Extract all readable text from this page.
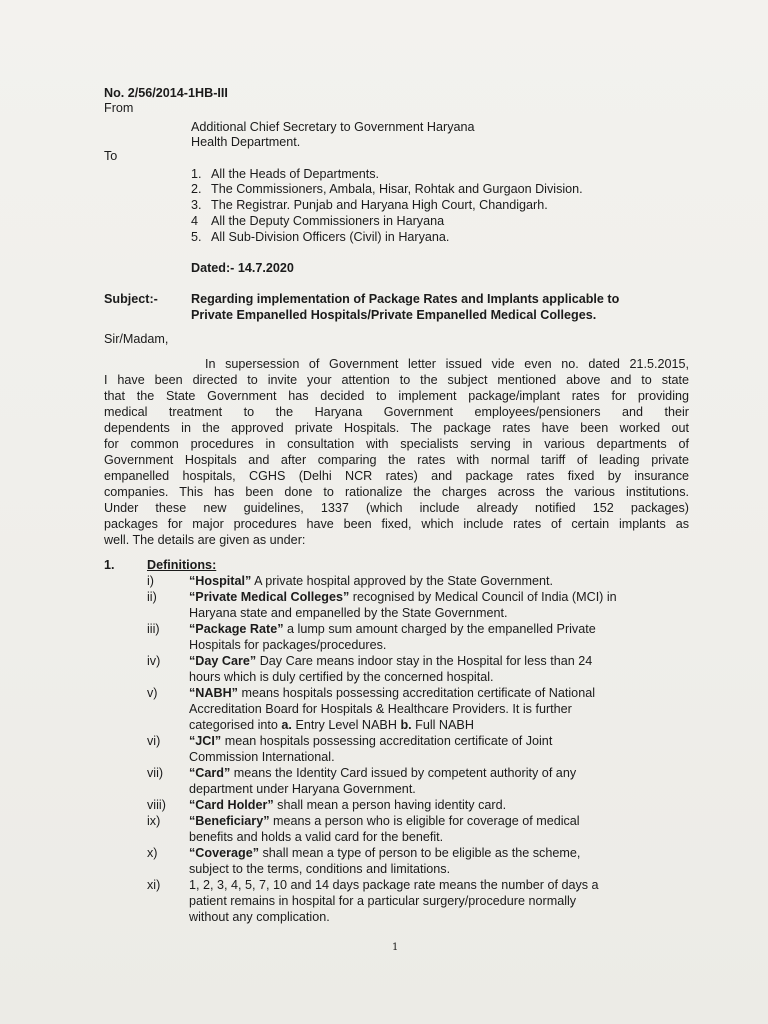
No. 2/56/2014-1HB-III
From
Additional Chief Secretary to Government Haryana
Health Department.
To
1. All the Heads of Departments.
2. The Commissioners, Ambala, Hisar, Rohtak and Gurgaon Division.
3. The Registrar. Punjab and Haryana High Court, Chandigarh.
4 All the Deputy Commissioners in Haryana
5. All Sub-Division Officers (Civil) in Haryana.
Dated:- 14.7.2020
Subject:-	Regarding implementation of Package Rates and Implants applicable to
Private Empanelled Hospitals/Private Empanelled Medical Colleges.
Sir/Madam,
In supersession of Government letter issued vide even no. dated 21.5.2015,
I have been directed to invite your attention to the subject mentioned above and to state
that the State Government has decided to implement package/implant rates for providing
medical treatment to the Haryana Government employees/pensioners and their
dependents in the approved private Hospitals. The package rates have been worked out
for common procedures in consultation with specialists serving in various departments of
Government Hospitals and after comparing the rates with normal tariff of leading private
empanelled hospitals, CGHS (Delhi NCR rates) and package rates fixed by insurance
companies. This has been done to rationalize the charges across the various institutions.
Under these new guidelines, 1337 (which include already notified 152 packages)
packages for major procedures have been fixed, which include rates of certain implants as
well. The details are given as under:
1.	Definitions:
i)	“Hospital” A private hospital approved by the State Government.
ii)	“Private Medical Colleges” recognised by Medical Council of India (MCI) in
Haryana state and empanelled by the State Government.
iii) “Package Rate” a lump sum amount charged by the empanelled Private
Hospitals for packages/procedures.
iv) “Day Care” Day Care means indoor stay in the Hospital for less than 24
hours which is duly certified by the concerned hospital.
v)	“NABH” means hospitals possessing accreditation certificate of National
Accreditation Board for Hospitals & Healthcare Providers. It is further
categorised into a. Entry Level NABH b. Full NABH
vi) “JCI” mean hospitals possessing accreditation certificate of Joint
Commission International.
vii) “Card” means the Identity Card issued by competent authority of any
department under Haryana Government.
viii) “Card Holder” shall mean a person having identity card.
ix) “Beneficiary” means a person who is eligible for coverage of medical
benefits and holds a valid card for the benefit.
x)	“Coverage” shall mean a type of person to be eligible as the scheme,
subject to the terms, conditions and limitations.
xi) 1, 2, 3, 4, 5, 7, 10 and 14 days package rate means the number of days a
patient remains in hospital for a particular surgery/procedure normally
without any complication.
1
